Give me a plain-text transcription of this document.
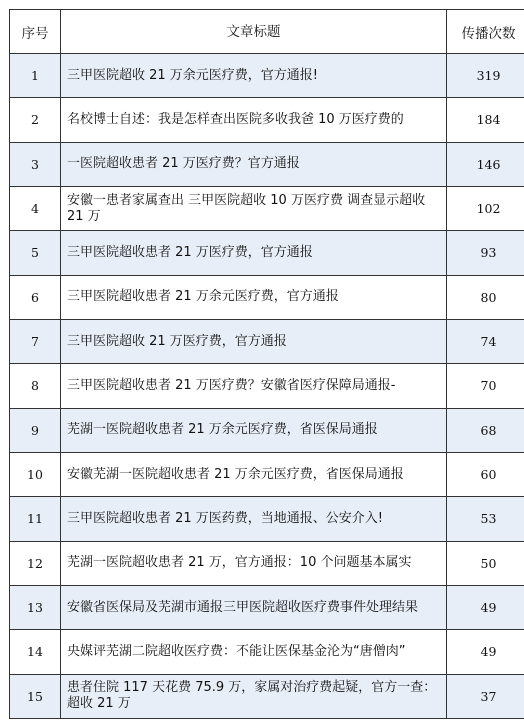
序号	文章标题	传播次数
1	三甲医院超收 21 万余元医疗费，官方通报!	319
2	名校博士自述：我是怎样查出医院多收我爸 10 万医疗费的	184
3	一医院超收患者 21 万医疗费？官方通报	146
4	安徽一患者家属查出 三甲医院超收 10 万医疗费 调查显示超收 21 万	102
5	三甲医院超收患者 21 万医疗费，官方通报	93
6	三甲医院超收患者 21 万余元医疗费，官方通报	80
7	三甲医院超收 21 万医疗费，官方通报	74
8	三甲医院超收患者 21 万医疗费？安徽省医疗保障局通报-	70
9	芜湖一医院超收患者 21 万余元医疗费，省医保局通报	68
10	安徽芜湖一医院超收患者 21 万余元医疗费，省医保局通报	60
11	三甲医院超收患者 21 万医药费，当地通报、公安介入!	53
12	芜湖一医院超收患者 21 万，官方通报：10 个问题基本属实	50
13	安徽省医保局及芜湖市通报三甲医院超收医疗费事件处理结果	49
14	央媒评芜湖二院超收医疗费：不能让医保基金沦为“唐僧肉”	49
15	患者住院 117 天花费 75.9 万，家属对治疗费起疑，官方一查：超收 21 万	37
